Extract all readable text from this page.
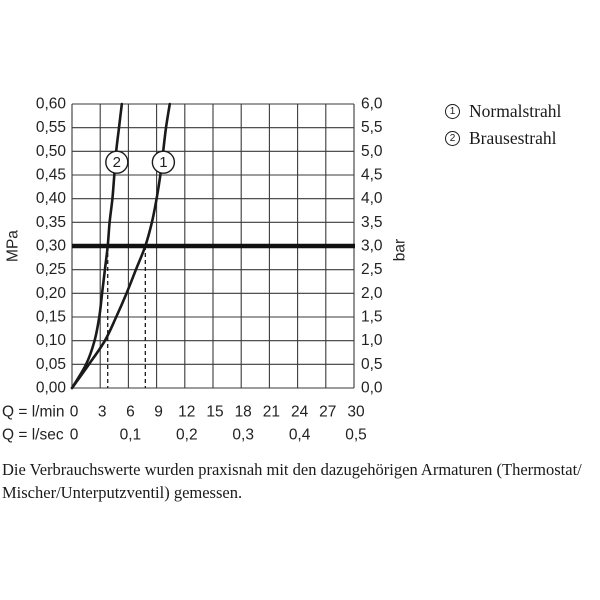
1
2
0,60
0,55
0,50
0,45
0,40
0,35
0,30
0,25
0,20
0,15
0,10
0,05
0,00
6,0
5,5
5,0
4,5
4,0
3,5
3,0
2,5
2,0
1,5
1,0
0,5
0,0
0 3 6 9 12 15 18 21 24 27 30
0	0,1 0,2 0,3 0,4 0,5
Q = l/min
Q = l/sec
MPa	bar
1 Normalstrahl
2 Brausestrahl
Die Verbrauchswerte wurden praxisnah mit den dazugehörigen Armaturen (Thermostat/
Mischer/Unterputzventil) gemessen.
